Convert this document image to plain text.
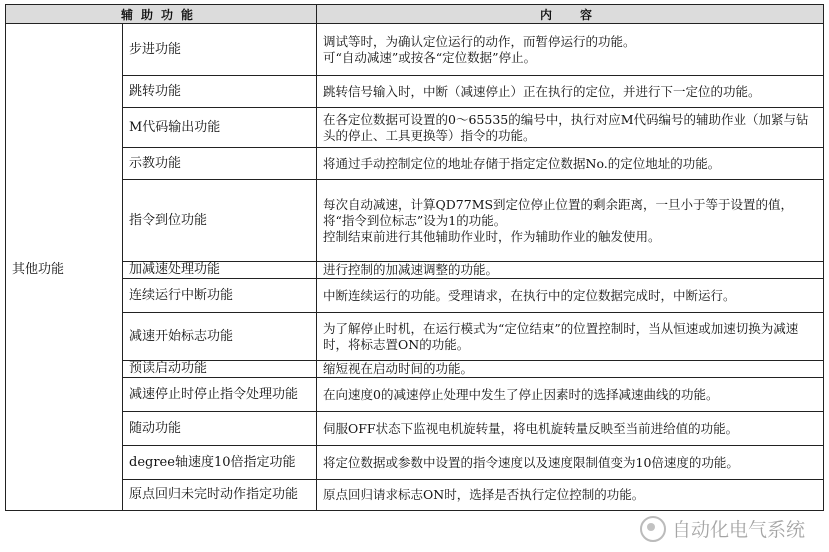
辅助功能		内　容
其他功能	步进功能	调试等时，为确认定位运行的动作，而暂停运行的功能。

可“自动减速”或按各“定位数据”停止。

	跳转功能	跳转信号输入时，中断（减速停止）正在执行的定位，并进行下一定位的功能。

	M代码输出功能	在各定位数据可设置的0～65535的编号中，执行对应M代码编号的辅助作业（加紧与钻头的停止、工具更换等）指令的功能。

	示教功能	将通过手动控制定位的地址存储于指定定位数据No.的定位地址的功能。

	指令到位功能	每次自动减速，计算QD77MS到定位停止位置的剩余距离，一旦小于等于设置的值，将“指令到位标志”设为1的功能。

控制结束前进行其他辅助作业时，作为辅助作业的触发使用。

	加减速处理功能	进行控制的加减速调整的功能。

	连续运行中断功能	中断连续运行的功能。受理请求，在执行中的定位数据完成时，中断运行。

	减速开始标志功能	为了解停止时机，在运行模式为“定位结束”的位置控制时，当从恒速或加速切换为减速时，将标志置ON的功能。

	预读启动功能	缩短视在启动时间的功能。

	减速停止时停止指令处理功能	在向速度0的减速停止处理中发生了停止因素时的选择减速曲线的功能。

	随动功能	伺服OFF状态下监视电机旋转量，将电机旋转量反映至当前进给值的功能。

	degree轴速度10倍指定功能	将定位数据或参数中设置的指令速度以及速度限制值变为10倍速度的功能。

	原点回归未完时动作指定功能	原点回归请求标志ON时，选择是否执行定位控制的功能。

自动化电气系统
